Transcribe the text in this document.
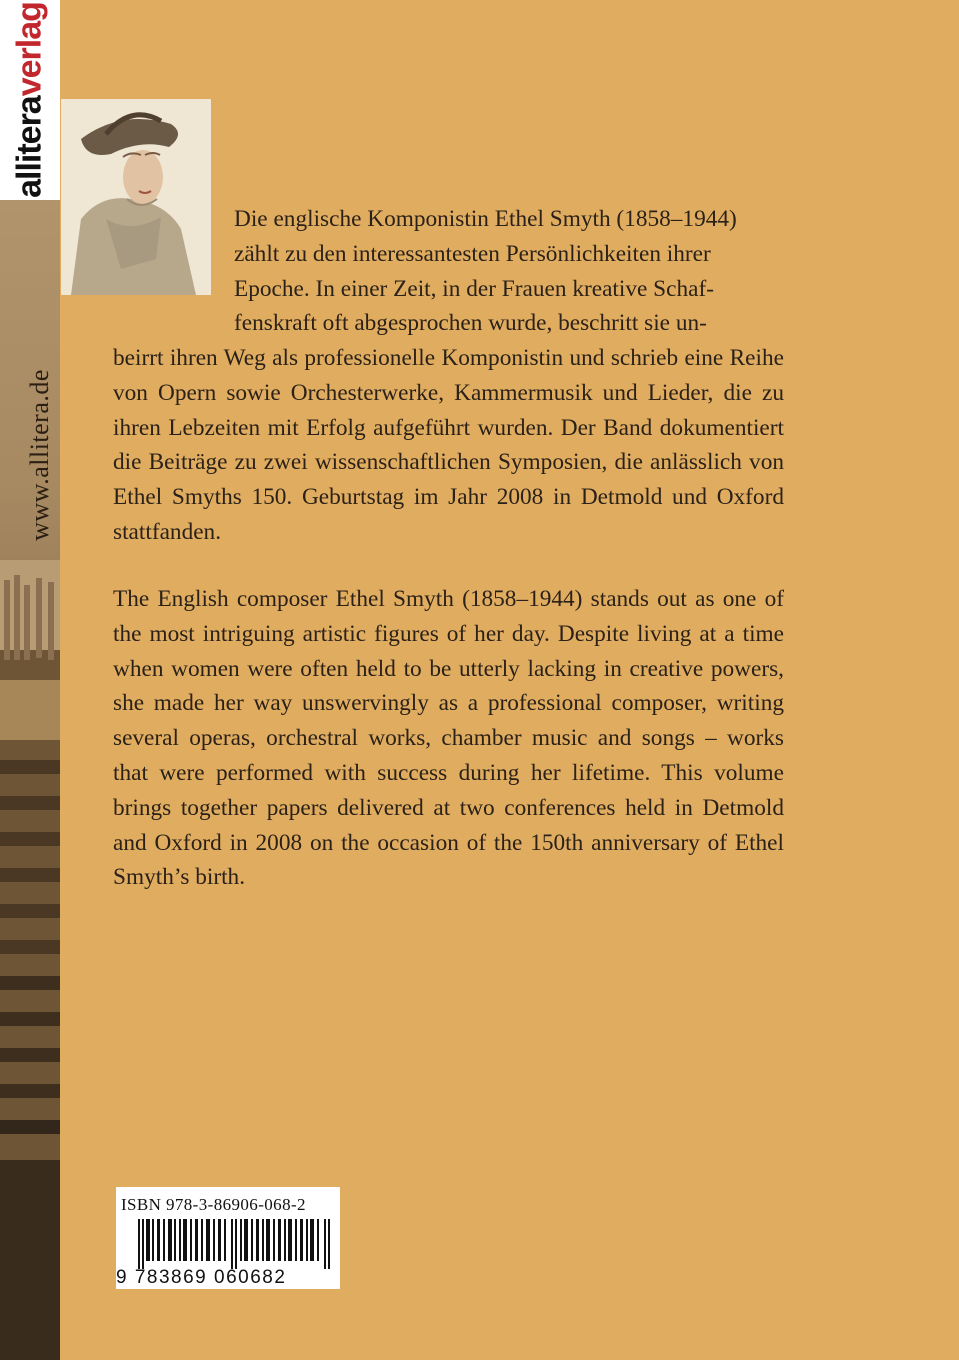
alliteraverlag
www.allitera.de

Die englische Komponistin Ethel Smyth (1858–1944)

zählt zu den interessantesten Persönlichkeiten ihrer

Epoche. In einer Zeit, in der Frauen kreative Schaf-

fenskraft oft abgesprochen wurde, beschritt sie un-

beirrt ihren Weg als professionelle Komponistin und schrieb eine Reihe von Opern sowie Orchesterwerke, Kammermusik und Lieder, die zu ihren Lebzeiten mit Erfolg aufgeführt wurden. Der Band dokumentiert die Beiträge zu zwei wissenschaftlichen Symposien, die anlässlich von Ethel Smyths 150. Geburtstag im Jahr 2008 in Detmold und Oxford stattfanden.

The English composer Ethel Smyth (1858–1944) stands out as one of the most intriguing artistic figures of her day. Despite living at a time when women were often held to be utterly lacking in creative powers, she made her way unswervingly as a professional composer, writing several operas, orchestral works, chamber music and songs – works that were performed with success during her lifetime. This volume brings together papers delivered at two conferences held in Detmold and Oxford in 2008 on the occasion of the 150th anniversary of Ethel Smyth’s birth.

ISBN 978-3-86906-068-2
9 783869 060682
